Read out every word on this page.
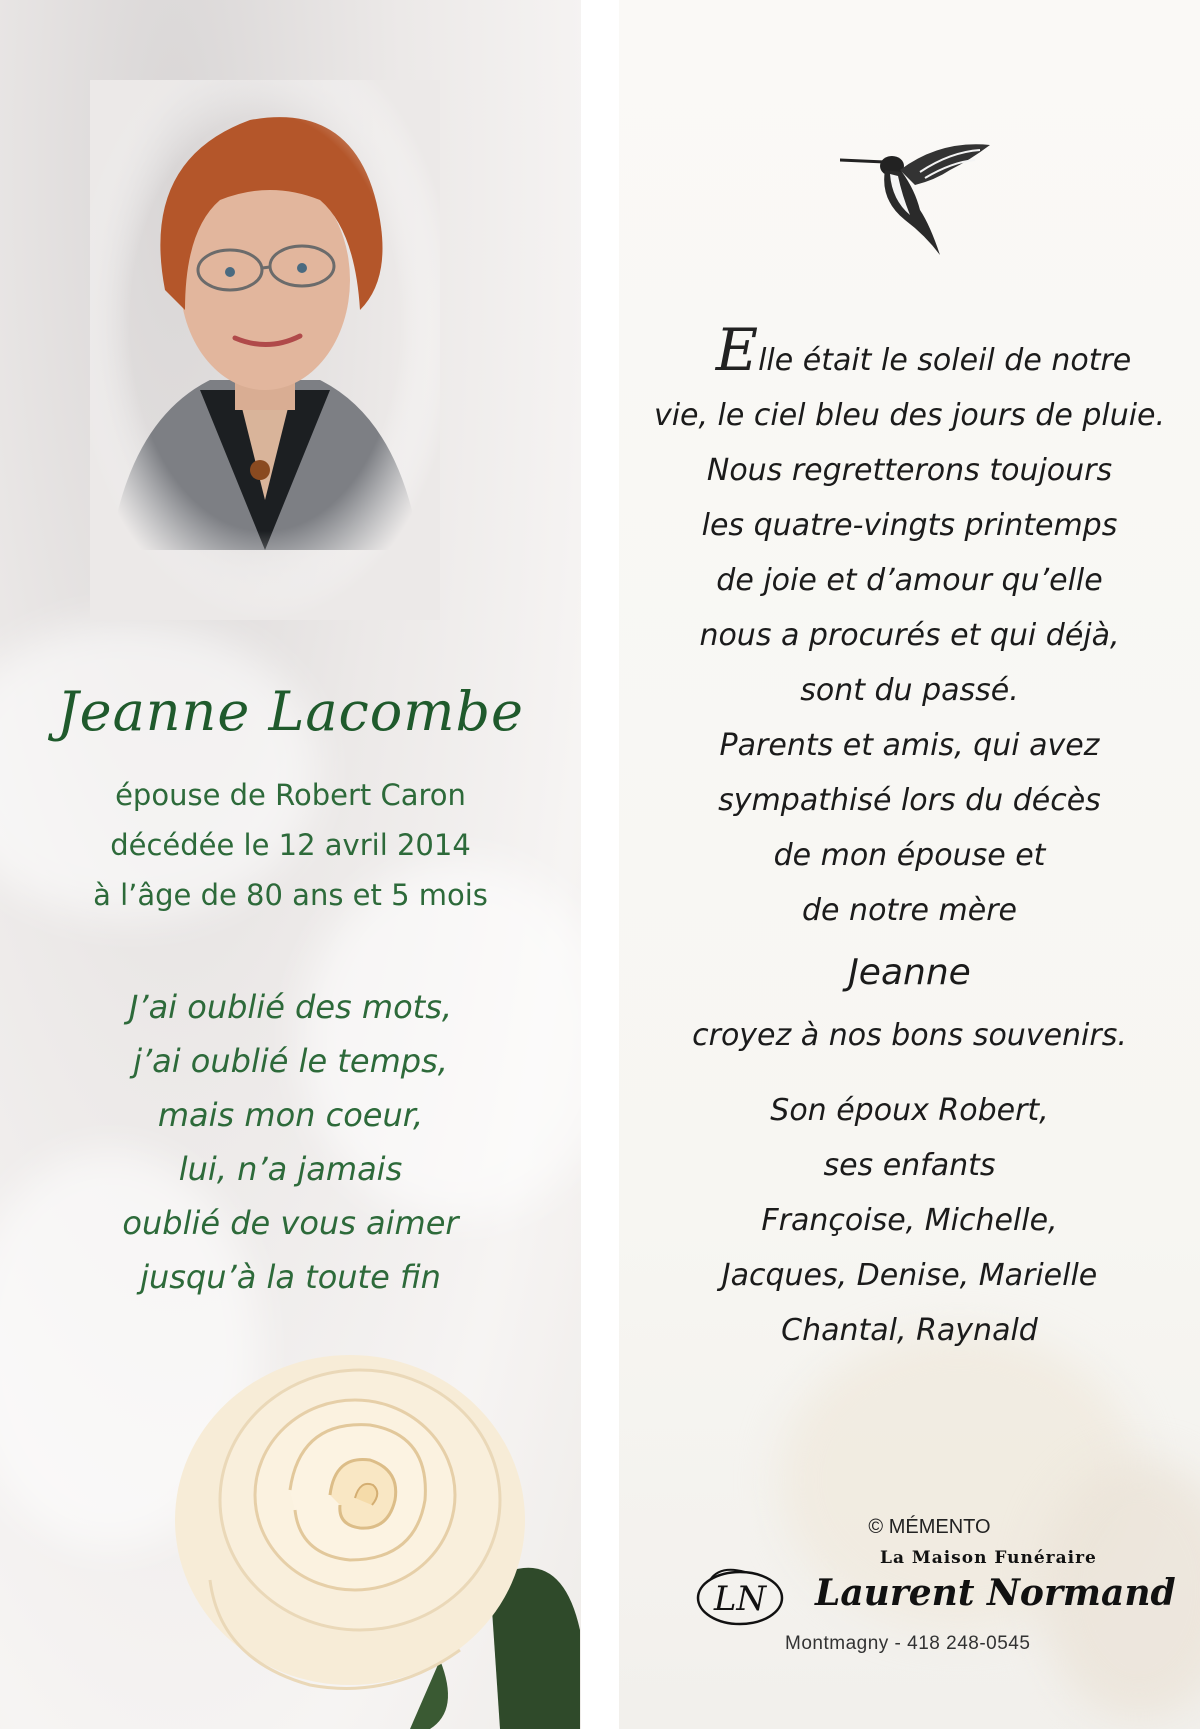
Jeanne Lacombe
épouse de Robert Caron
décédée le 12 avril 2014
à l’âge de 80 ans et 5 mois
J’ai oublié des mots,
j’ai oublié le temps,
mais mon coeur,
lui, n’a jamais
oublié de vous aimer
jusqu’à la toute fin
Elle était le soleil de notre
vie, le ciel bleu des jours de pluie.
Nous regretterons toujours
les quatre-vingts printemps
de joie et d’amour qu’elle
nous a procurés et qui déjà,
sont du passé.
Parents et amis, qui avez
sympathisé lors du décès
de mon épouse et
de notre mère
Jeanne
croyez à nos bons souvenirs.
Son époux Robert,
ses enfants
Françoise, Michelle,
Jacques, Denise, Marielle
Chantal, Raynald
© MÉMENTO
La Maison Funéraire
LN Laurent Normand
Montmagny - 418 248-0545
